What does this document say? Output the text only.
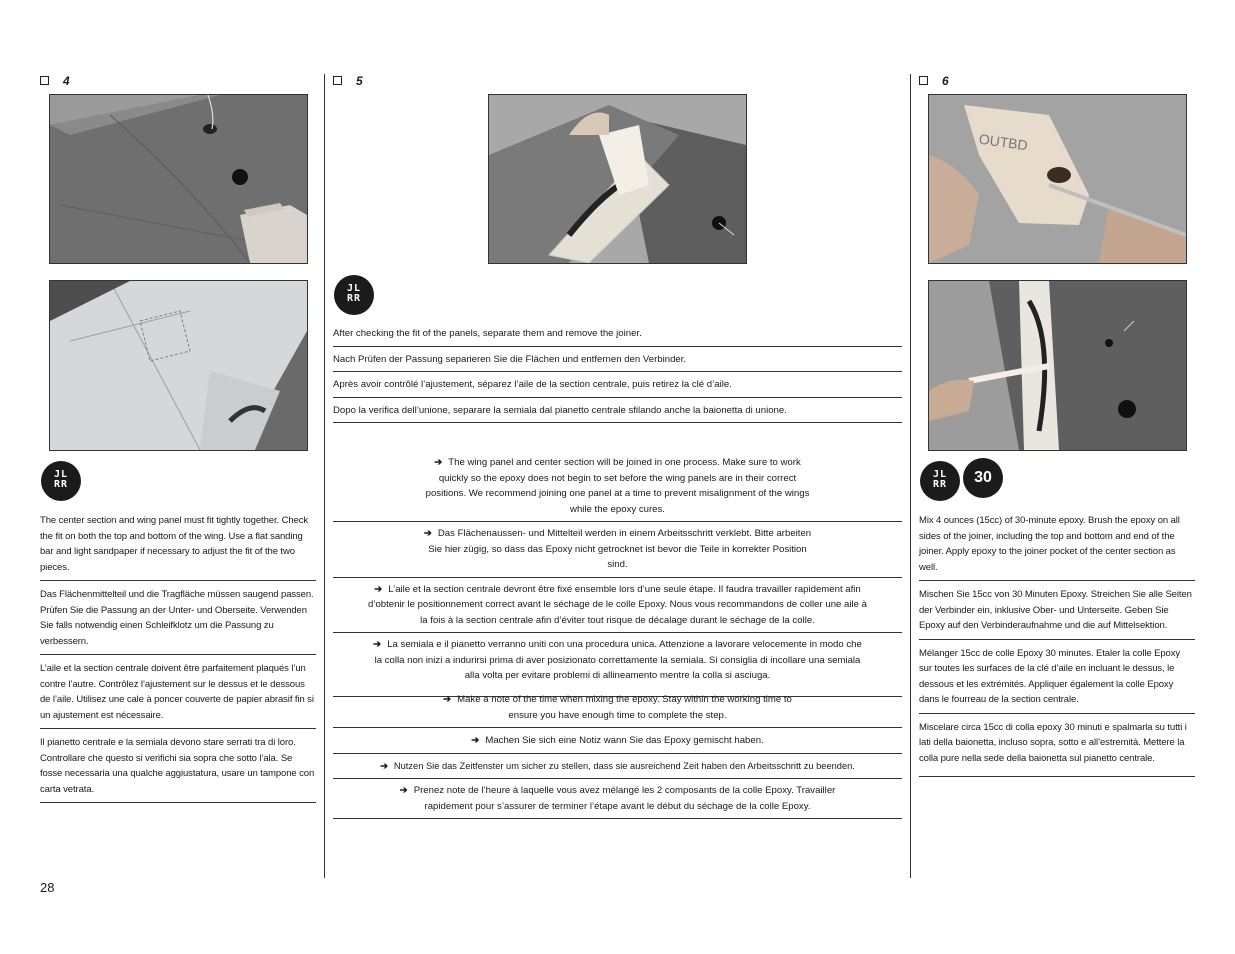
4
JL
RR
The center section and wing panel must fit tightly together. Check the fit on both the top and bottom of the wing. Use a flat sanding bar and light sandpaper if necessary to adjust the fit of the two pieces.
Das Flächenmittelteil und die Tragfläche müssen saugend passen. Prüfen Sie die Passung an der Unter- und Oberseite. Verwenden Sie falls notwendig einen Schleifklotz um die Passung zu verbessern.
L’aile et la section centrale doivent être parfaitement plaqués l’un contre l’autre. Contrôlez l’ajustement sur le dessus et le dessous de l’aile. Utilisez une cale à poncer couverte de papier abrasif fin si un ajustement est nécessaire.
Il pianetto centrale e la semiala devono stare serrati tra di loro. Controllare che questo si verifichi sia sopra che sotto l’ala. Se fosse necessaria una qualche aggiustatura, usare un tampone con carta vetrata.
5
JL
RR
After checking the fit of the panels, separate them and remove the joiner.
Nach Prüfen der Passung separieren Sie die Flächen und entfernen den Verbinder.
Après avoir contrôlé l’ajustement, séparez l’aile de la section centrale, puis retirez la clé d’aile.
Dopo la verifica dell’unione, separare la semiala dal pianetto centrale sfilando anche la baionetta di unione.
➔ The wing panel and center section will be joined in one process. Make sure to work quickly so the epoxy does not begin to set before the wing panels are in their correct positions. We recommend joining one panel at a time to prevent misalignment of the wings while the epoxy cures.
➔ Das Flächenaussen- und Mittelteil werden in einem Arbeitsschritt verklebt. Bitte arbeiten Sie hier zügig, so dass das Epoxy nicht getrocknet ist bevor die Teile in korrekter Position sind.
➔ L’aile et la section centrale devront être fixé ensemble lors d’une seule étape. Il faudra travailler rapidement afin d’obtenir le positionnement correct avant le séchage de le colle Epoxy. Nous vous recommandons de coller une aile à la fois à la section centrale afin d’éviter tout risque de décalage durant le séchage de la colle.
➔ La semiala e il pianetto verranno uniti con una procedura unica. Attenzione a lavorare velocemente in modo che la colla non inizi a indurirsi prima di aver posizionato correttamente la semiala. Si consiglia di incollare una semiala alla volta per evitare problemi di allineamento mentre la colla si asciuga.
➔ Make a note of the time when mixing the epoxy. Stay within the working time to ensure you have enough time to complete the step.
➔ Machen Sie sich eine Notiz wann Sie das Epoxy gemischt haben.
➔ Nutzen Sie das Zeitfenster um sicher zu stellen, dass sie ausreichend Zeit haben den Arbeitsschritt zu beenden.
➔ Prenez note de l’heure à laquelle vous avez mélangé les 2 composants de la colle Epoxy. Travailler rapidement pour s’assurer de terminer l’étape avant le début du séchage de la colle Epoxy.
6
OUTBD
JL
RR	30
Mix 4 ounces (15cc) of 30-minute epoxy. Brush the epoxy on all sides of the joiner, including the top and bottom and end of the joiner. Apply epoxy to the joiner pocket of the center section as well.
Mischen Sie 15cc von 30 Minuten Epoxy. Streichen Sie alle Seiten der Verbinder ein, inklusive Ober- und Unterseite. Geben Sie Epoxy auf den Verbinderaufnahme und die auf Mittelsektion.
Mélanger 15cc de colle Epoxy 30 minutes. Etaler la colle Epoxy sur toutes les surfaces de la clé d’aile en incluant le dessus, le dessous et les extrémités. Appliquer également la colle Epoxy dans le fourreau de la section centrale.
Miscelare circa 15cc di colla epoxy 30 minuti e spalmarla su tutti i lati della baionetta, incluso sopra, sotto e all’estremità. Mettere la colla pure nella sede della baionetta sul pianetto centrale.
28
